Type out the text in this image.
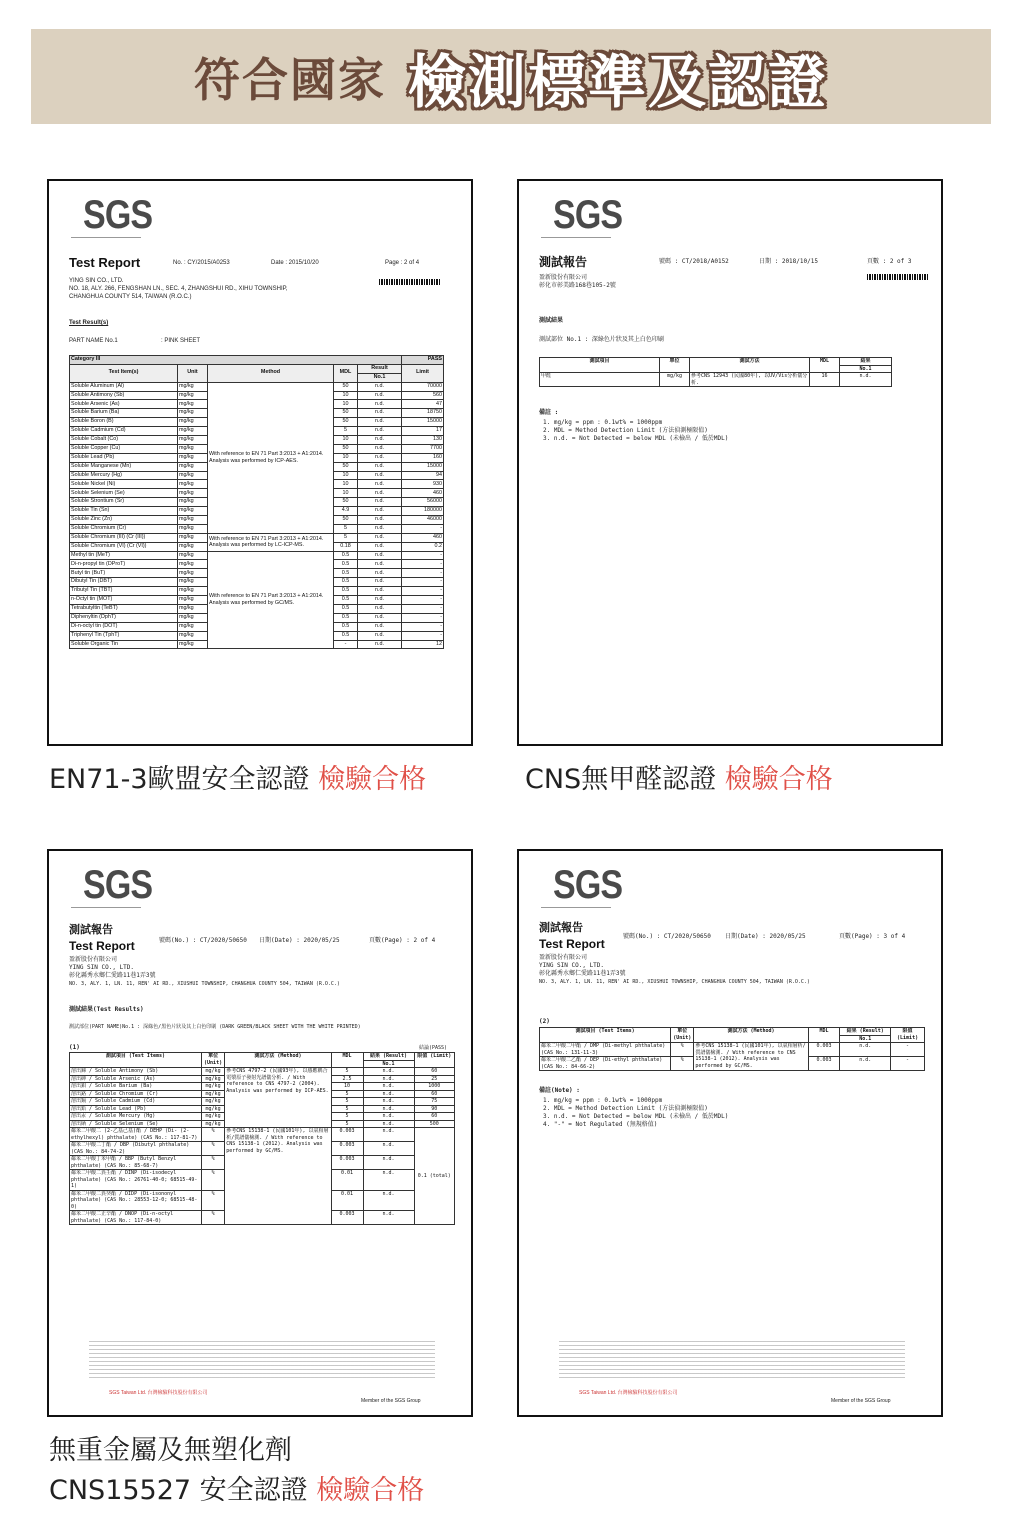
符合國家 檢測標準及認證
SGS
Test Report	No. : CY/2015/A0253	Date : 2015/10/20	Page : 2 of 4
YING SIN CO., LTD.
NO. 18, ALY. 266, FENGSHAN LN., SEC. 4, ZHANGSHUI RD., XIHU TOWNSHIP,
CHANGHUA COUNTY 514, TAIWAN (R.O.C.)
Test Result(s)
PART NAME No.1	: PINK SHEET
Category III					PASS
Test Item(s)	Unit	Method	MDL	Result	Limit
				No.1	
Soluble Aluminum (Al)	mg/kg	With reference to EN 71 Part 3:2013 + A1:2014. Analysis was performed by ICP-AES.	50	n.d.	70000
Soluble Antimony (Sb)	mg/kg		10	n.d.	560
Soluble Arsenic (As)	mg/kg		10	n.d.	47
Soluble Barium (Ba)	mg/kg		50	n.d.	18750
Soluble Boron (B)	mg/kg		50	n.d.	15000
Soluble Cadmium (Cd)	mg/kg		5	n.d.	17
Soluble Cobalt (Co)	mg/kg		10	n.d.	130
Soluble Copper (Cu)	mg/kg		50	n.d.	7700
Soluble Lead (Pb)	mg/kg		10	n.d.	160
Soluble Manganese (Mn)	mg/kg		50	n.d.	15000
Soluble Mercury (Hg)	mg/kg		10	n.d.	94
Soluble Nickel (Ni)	mg/kg		10	n.d.	930
Soluble Selenium (Se)	mg/kg		10	n.d.	460
Soluble Strontium (Sr)	mg/kg		50	n.d.	56000
Soluble Tin (Sn)	mg/kg		4.9	n.d.	180000
Soluble Zinc (Zn)	mg/kg		50	n.d.	46000
Soluble Chromium (Cr)	mg/kg		5	n.d.	-
Soluble Chromium (III) (Cr (III))	mg/kg	With reference to EN 71 Part 3:2013 + A1:2014. Analysis was performed by LC-ICP-MS.	5	n.d.	460
Soluble Chromium (VI) (Cr (VI))	mg/kg		0.18	n.d.	0.2
Methyl tin (MeT)	mg/kg	With reference to EN 71 Part 3:2013 + A1:2014. Analysis was performed by GC/MS.	0.5	n.d.	-
Di-n-propyl tin (DProT)	mg/kg		0.5	n.d.	-
Butyl tin (BuT)	mg/kg		0.5	n.d.	-
Dibutyl Tin (DBT)	mg/kg		0.5	n.d.	-
Tributyl Tin (TBT)	mg/kg		0.5	n.d.	-
n-Octyl tin (MOT)	mg/kg		0.5	n.d.	-
Tetrabutyltin (TeBT)	mg/kg		0.5	n.d.	-
Diphenyltin (DphT)	mg/kg		0.5	n.d.	-
Di-n-octyl tin (DOT)	mg/kg		0.5	n.d.	-
Triphenyl Tin (TphT)	mg/kg		0.5	n.d.	-
Soluble Organic Tin	mg/kg		-	n.d.	12
SGS
測試報告	號碼 : CT/2018/A0152	日期 : 2018/10/15	頁數 : 2 of 3
盈新股份有限公司
彰化市彰美路168巷105-2號
測試結果
測試部位 No.1 : 深綠色片狀及其上白色印刷
測試項目	單位	測試方法	MDL	結果
				No.1
甲醛	mg/kg	參考CNS 12943 (民國80年), 以UV/Vis分析儀分析.	16	n.d.
備註 :
1. mg/kg = ppm : 0.1wt% = 1000ppm
2. MDL = Method Detection Limit (方法偵測極限值)
3. n.d. = Not Detected = below MDL (未檢出 / 低於MDL)
SGS
測試報告
Test Report	號碼(No.) : CT/2020/50650 日期(Date) : 2020/05/25	頁數(Page) : 2 of 4
盈新股份有限公司
YING SIN CO., LTD.
彰化縣秀水鄉仁愛路11巷1弄3號
NO. 3, ALY. 1, LN. 11, REN' AI RD., XIUSHUI TOWNSHIP, CHANGHUA COUNTY 504, TAIWAN (R.O.C.)
測試結果(Test Results)
測試部位(PART NAME)No.1 : 深綠色/黑色片狀及其上白色印刷 (DARK GREEN/BLACK SHEET WITH THE WHITE PRINTED)
(1)	結論(PASS)
測試項目 (Test Items)	單位 (Unit)	測試方法 (Method)	MDL	結果 (Result)	限值 (Limit)
				No.1	
溶出銻 / Soluble Antimony (Sb)	mg/kg	參考CNS 4797-2 (民國93年), 以感應耦合電漿原子發射光譜儀分析. / With reference to CNS 4797-2 (2004). Analysis was performed by ICP-AES.	5	n.d.	60
溶出砷 / Soluble Arsenic (As)	mg/kg		2.5	n.d.	25
溶出鋇 / Soluble Barium (Ba)	mg/kg		10	n.d.	1000
溶出鉻 / Soluble Chromium (Cr)	mg/kg		5	n.d.	60
溶出鎘 / Soluble Cadmium (Cd)	mg/kg		5	n.d.	75
溶出鉛 / Soluble Lead (Pb)	mg/kg		5	n.d.	90
溶出汞 / Soluble Mercury (Hg)	mg/kg		5	n.d.	60
溶出硒 / Soluble Selenium (Se)	mg/kg		5	n.d.	500
鄰苯二甲酸二 (2-乙基己基)酯 / DEHP (Di- (2-ethylhexyl) phthalate) (CAS No.: 117-81-7)	%	參考CNS 15138-1 (民國101年), 以氣相層析/質譜儀檢測. / With reference to CNS 15138-1 (2012). Analysis was performed by GC/MS.	0.003	n.d.	0.1 (total)
鄰苯二甲酸二丁酯 / DBP (Dibutyl phthalate) (CAS No.: 84-74-2)	%		0.003	n.d.	
鄰苯二甲酸丁苯甲酯 / BBP (Butyl Benzyl phthalate) (CAS No.: 85-68-7)	%		0.003	n.d.	
鄰苯二甲酸二異壬酯 / DINP (Di-isodecyl phthalate) (CAS No.: 26761-40-0; 68515-49-1)	%		0.01	n.d.	
鄰苯二甲酸二異癸酯 / DIDP (Di-isononyl phthalate) (CAS No.: 28553-12-0; 68515-48-0)	%		0.01	n.d.	
鄰苯二甲酸二正辛酯 / DNOP (Di-n-octyl phthalate) (CAS No.: 117-84-0)	%		0.003	n.d.	
SGS Taiwan Ltd. 台灣檢驗科技股份有限公司
Member of the SGS Group
SGS
測試報告
Test Report
號碼(No.) : CT/2020/50650 日期(Date) : 2020/05/25	頁數(Page) : 3 of 4
盈新股份有限公司
YING SIN CO., LTD.
彰化縣秀水鄉仁愛路11巷1弄3號
NO. 3, ALY. 1, LN. 11, REN' AI RD., XIUSHUI TOWNSHIP, CHANGHUA COUNTY 504, TAIWAN (R.O.C.)
(2)
測試項目 (Test Items)	單位 (Unit)	測試方法 (Method)	MDL	結果 (Result)	限值 (Limit)
				No.1	
鄰苯二甲酸二甲酯 / DMP (Di-methyl phthalate) (CAS No.: 131-11-3)	%	參考CNS 15138-1 (民國101年), 以氣相層析/質譜儀檢測. / With reference to CNS 15138-1 (2012). Analysis was performed by GC/MS.	0.003	n.d.	-
鄰苯二甲酸二乙酯 / DEP (Di-ethyl phthalate) (CAS No.: 84-66-2)	%		0.003	n.d.	-
備註(Note) :
1. mg/kg = ppm : 0.1wt% = 1000ppm
2. MDL = Method Detection Limit (方法偵測極限值)
3. n.d. = Not Detected = below MDL (未檢出 / 低於MDL)
4. "-" = Not Regulated (無規格值)
SGS Taiwan Ltd. 台灣檢驗科技股份有限公司
Member of the SGS Group
EN71-3歐盟安全認證 檢驗合格	CNS無甲醛認證 檢驗合格
無重金屬及無塑化劑
CNS15527 安全認證 檢驗合格
